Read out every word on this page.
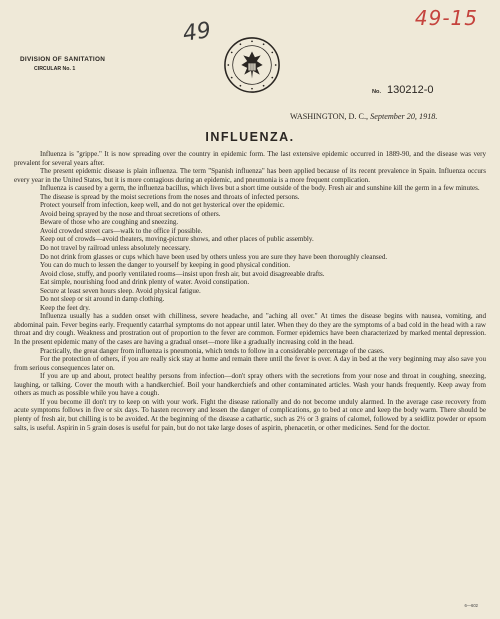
49-15
49
DIVISION OF SANITATION
CIRCULAR No. 1
No. 130212-0
WASHINGTON, D. C., September 20, 1918.
INFLUENZA.

Influenza is "grippe." It is now spreading over the country in epidemic form. The last extensive epidemic occurred in 1889-90, and the disease was very prevalent for several years after.

The present epidemic disease is plain influenza. The term "Spanish influenza" has been applied because of its recent prevalence in Spain. Influenza occurs every year in the United States, but it is more contagious during an epidemic, and pneumonia is a more frequent complication.

Influenza is caused by a germ, the influenza bacillus, which lives but a short time outside of the body. Fresh air and sunshine kill the germ in a few minutes.

The disease is spread by the moist secretions from the noses and throats of infected persons.

Protect yourself from infection, keep well, and do not get hysterical over the epidemic.

Avoid being sprayed by the nose and throat secretions of others.

Beware of those who are coughing and sneezing.

Avoid crowded street cars—walk to the office if possible.

Keep out of crowds—avoid theaters, moving-picture shows, and other places of public assembly.

Do not travel by railroad unless absolutely necessary.

Do not drink from glasses or cups which have been used by others unless you are sure they have been thoroughly cleansed.

You can do much to lessen the danger to yourself by keeping in good physical condition.

Avoid close, stuffy, and poorly ventilated rooms—insist upon fresh air, but avoid disagreeable drafts.

Eat simple, nourishing food and drink plenty of water. Avoid constipation.

Secure at least seven hours sleep. Avoid physical fatigue.

Do not sleep or sit around in damp clothing.

Keep the feet dry.

Influenza usually has a sudden onset with chilliness, severe headache, and "aching all over." At times the disease begins with nausea, vomiting, and abdominal pain. Fever begins early. Frequently catarrhal symptoms do not appear until later. When they do they are the symptoms of a bad cold in the head with a raw throat and dry cough. Weakness and prostration out of proportion to the fever are common. Former epidemics have been characterized by marked mental depression. In the present epidemic many of the cases are having a gradual onset—more like a gradually increasing cold in the head.

Practically, the great danger from influenza is pneumonia, which tends to follow in a considerable percentage of the cases.

For the protection of others, if you are really sick stay at home and remain there until the fever is over. A day in bed at the very beginning may also save you from serious consequences later on.

If you are up and about, protect healthy persons from infection—don't spray others with the secretions from your nose and throat in coughing, sneezing, laughing, or talking. Cover the mouth with a handkerchief. Boil your handkerchiefs and other contaminated articles. Wash your hands frequently. Keep away from others as much as possible while you have a cough.

If you become ill don't try to keep on with your work. Fight the disease rationally and do not become unduly alarmed. In the average case recovery from acute symptoms follows in five or six days. To hasten recovery and lessen the danger of complications, go to bed at once and keep the body warm. There should be plenty of fresh air, but chilling is to be avoided. At the beginning of the disease a cathartic, such as 2½ or 3 grains of calomel, followed by a seidlitz powder or epsom salts, is useful. Aspirin in 5 grain doses is useful for pain, but do not take large doses of aspirin, phenacetin, or other medicines. Send for the doctor.

6—602
